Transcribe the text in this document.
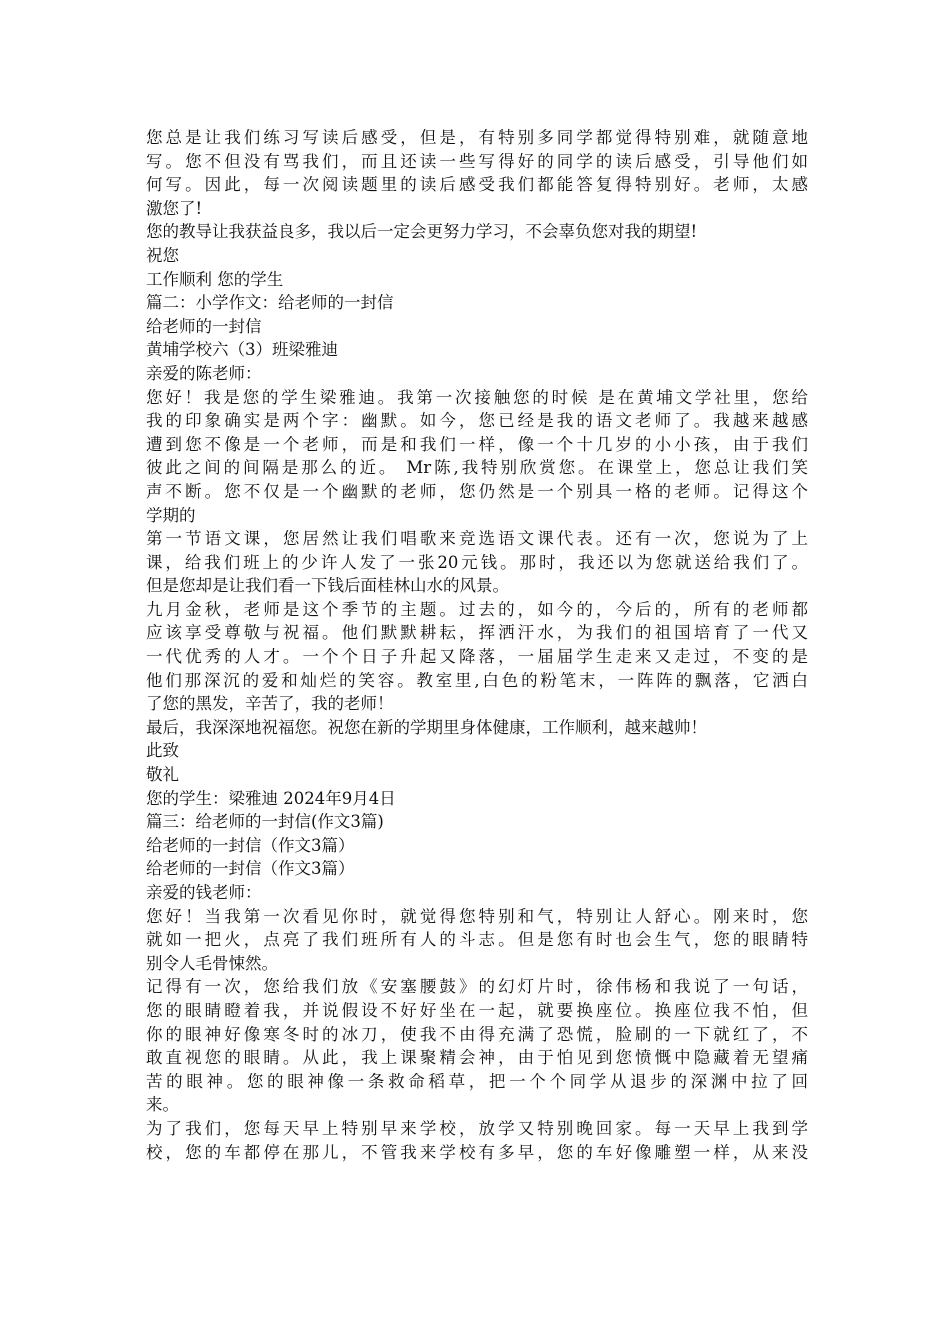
您总是让我们练习写读后感受，但是，有特别多同学都觉得特别难，就随意地
写。您不但没有骂我们，而且还读一些写得好的同学的读后感受，引导他们如
何写。因此，每一次阅读题里的读后感受我们都能答复得特别好。老师，太感
激您了!
您的教导让我获益良多，我以后一定会更努力学习，不会辜负您对我的期望!
祝您
工作顺利 您的学生
篇二：小学作文：给老师的一封信
给老师的一封信
黄埔学校六（3）班梁雅迪
亲爱的陈老师：
您好！我是您的学生梁雅迪。我第一次接触您的时候 是在黄埔文学社里，您给
我的印象确实是两个字：幽默。如今，您已经是我的语文老师了。我越来越感
遭到您不像是一个老师，而是和我们一样，像一个十几岁的小小孩，由于我们
彼此之间的间隔是那么的近。 Mr陈,我特别欣赏您。在课堂上，您总让我们笑
声不断。您不仅是一个幽默的老师，您仍然是一个别具一格的老师。记得这个
学期的
第一节语文课，您居然让我们唱歌来竞选语文课代表。还有一次，您说为了上
课，给我们班上的少许人发了一张20元钱。那时，我还以为您就送给我们了。
但是您却是让我们看一下钱后面桂林山水的风景。
九月金秋，老师是这个季节的主题。过去的，如今的，今后的，所有的老师都
应该享受尊敬与祝福。他们默默耕耘，挥洒汗水，为我们的祖国培育了一代又
一代优秀的人才。一个个日子升起又降落，一届届学生走来又走过，不变的是
他们那深沉的爱和灿烂的笑容。教室里,白色的粉笔末，一阵阵的飘落，它洒白
了您的黑发，辛苦了，我的老师！
最后，我深深地祝福您。祝您在新的学期里身体健康，工作顺利，越来越帅！
此致
敬礼
您的学生：梁雅迪 2024年9月4日
篇三：给老师的一封信(作文3篇)
给老师的一封信（作文3篇）
给老师的一封信（作文3篇）
亲爱的钱老师：
您好！当我第一次看见你时，就觉得您特别和气，特别让人舒心。刚来时，您
就如一把火，点亮了我们班所有人的斗志。但是您有时也会生气，您的眼睛特
别令人毛骨悚然。
记得有一次，您给我们放《安塞腰鼓》的幻灯片时，徐伟杨和我说了一句话，
您的眼睛瞪着我，并说假设不好好坐在一起，就要换座位。换座位我不怕，但
你的眼神好像寒冬时的冰刀，使我不由得充满了恐慌，脸刷的一下就红了，不
敢直视您的眼睛。从此，我上课聚精会神，由于怕见到您愤慨中隐藏着无望痛
苦的眼神。您的眼神像一条救命稻草，把一个个同学从退步的深渊中拉了回
来。
为了我们，您每天早上特别早来学校，放学又特别晚回家。每一天早上我到学
校，您的车都停在那儿，不管我来学校有多早，您的车好像雕塑一样，从来没
